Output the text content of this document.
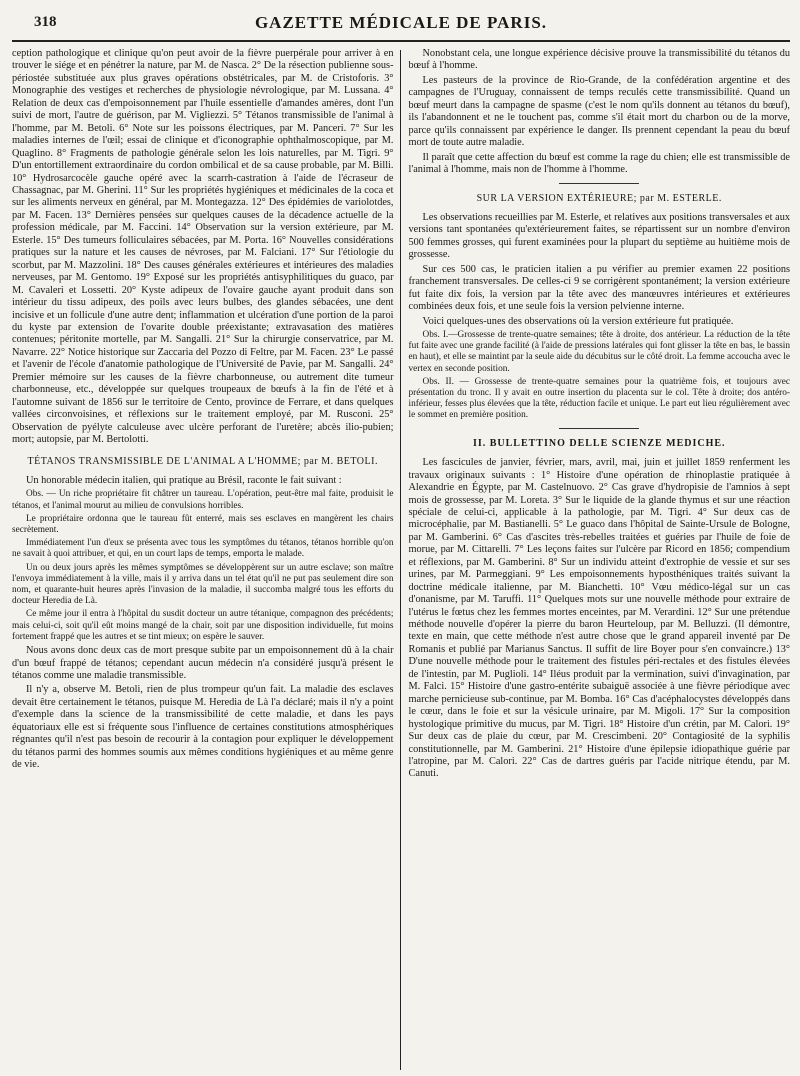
318	GAZETTE MÉDICALE DE PARIS.

ception pathologique et clinique qu'on peut avoir de la fièvre puerpérale pour arriver à en trouver le siége et en pénétrer la nature, par M. de Nasca. 2° De la résection publienne sous-périostée substituée aux plus graves opérations obstétricales, par M. de Cristoforis. 3° Monographie des vestiges et recherches de physiologie névrologique, par M. Lussana. 4° Relation de deux cas d'empoisonnement par l'huile essentielle d'amandes amères, dont l'un suivi de mort, l'autre de guérison, par M. Vigliezzi. 5° Tétanos transmissible de l'animal à l'homme, par M. Betoli. 6° Note sur les poissons électriques, par M. Panceri. 7° Sur les maladies internes de l'œil; essai de clinique et d'iconographie ophthalmoscopique, par M. Quaglino. 8° Fragments de pathologie générale selon les lois naturelles, par M. Tigri. 9° D'un entortillement extraordinaire du cordon ombilical et de sa cause probable, par M. Billi. 10° Hydrosarcocèle gauche opéré avec la scarrh-castration à l'aide de l'écraseur de Chassagnac, par M. Gherini. 11° Sur les propriétés hygiéniques et médicinales de la coca et sur les aliments nerveux en général, par M. Montegazza. 12° Des épidémies de variolotdes, par M. Facen. 13° Dernières pensées sur quelques causes de la décadence actuelle de la profession médicale, par M. Faccini. 14° Observation sur la version extérieure, par M. Esterle. 15° Des tumeurs folliculaires sébacées, par M. Porta. 16° Nouvelles considérations pratiques sur la nature et les causes de névroses, par M. Falciani. 17° Sur l'étiologie du scorbut, par M. Mazzolini. 18° Des causes générales extérieures et intérieures des maladies nerveuses, par M. Gentomo. 19° Exposé sur les propriétés antisyphilitiques du guaco, par M. Cavaleri et Lossetti. 20° Kyste adipeux de l'ovaire gauche ayant produit dans son intérieur du tissu adipeux, des poils avec leurs bulbes, des glandes sébacées, une dent incisive et un follicule d'une autre dent; inflammation et ulcération d'une portion de la paroi du kyste par extension de l'ovarite double préexistante; extravasation des matières contenues; péritonite mortelle, par M. Sangalli. 21° Sur la chirurgie conservatrice, par M. Navarre. 22° Notice historique sur Zaccaria del Pozzo di Feltre, par M. Facen. 23° Le passé et l'avenir de l'école d'anatomie pathologique de l'Université de Pavie, par M. Sangalli. 24° Premier mémoire sur les causes de la fièvre charbonneuse, ou autrement dite tumeur charbonneuse, etc., développée sur quelques troupeaux de bœufs à la fin de l'été et à l'automne suivant de 1856 sur le territoire de Cento, province de Ferrare, et dans quelques vallées circonvoisines, et réflexions sur le traitement employé, par M. Rusconi. 25° Observation de pyélyte calculeuse avec ulcère perforant de l'uretère; abcès ilio-pubien; mort; autopsie, par M. Bertolotti.

TÉTANOS TRANSMISSIBLE DE L'ANIMAL A L'HOMME; par M. BETOLI.

Un honorable médecin italien, qui pratique au Brésil, raconte le fait suivant :

Obs. — Un riche propriétaire fit châtrer un taureau. L'opération, peut-être mal faite, produisit le tétanos, et l'animal mourut au milieu de convulsions horribles.

Le propriétaire ordonna que le taureau fût enterré, mais ses esclaves en mangèrent les chairs secrètement.

Immédiatement l'un d'eux se présenta avec tous les symptômes du tétanos, tétanos horrible qu'on ne savait à quoi attribuer, et qui, en un court laps de temps, emporta le malade.

Un ou deux jours après les mêmes symptômes se développèrent sur un autre esclave; son maître l'envoya immédiatement à la ville, mais il y arriva dans un tel état qu'il ne put pas seulement dire son nom, et quarante-huit heures après l'invasion de la maladie, il succomba malgré tous les efforts du docteur Heredia de Là.

Ce même jour il entra à l'hôpital du susdit docteur un autre tétanique, compagnon des précédents; mais celui-ci, soit qu'il eût moins mangé de la chair, soit par une disposition individuelle, fut moins fortement frappé que les autres et se tint mieux; on espère le sauver.

Nous avons donc deux cas de mort presque subite par un empoisonnement dû à la chair d'un bœuf frappé de tétanos; cependant aucun médecin n'a considéré jusqu'à présent le tétanos comme une maladie transmissible.

Il n'y a, observe M. Betoli, rien de plus trompeur qu'un fait. La maladie des esclaves devait être certainement le tétanos, puisque M. Heredia de Là l'a déclaré; mais il n'y a point d'exemple dans la science de la transmissibilité de cette maladie, et dans les pays équatoriaux elle est si fréquente sous l'influence de certaines constitutions atmosphériques régnantes qu'il n'est pas besoin de recourir à la contagion pour expliquer le développement du tétanos parmi des hommes soumis aux mêmes conditions hygiéniques et au même genre de vie.

Nonobstant cela, une longue expérience décisive prouve la transmissibilité du tétanos du bœuf à l'homme.

Les pasteurs de la province de Rio-Grande, de la confédération argentine et des campagnes de l'Uruguay, connaissent de temps reculés cette transmissibilité. Quand un bœuf meurt dans la campagne de spasme (c'est le nom qu'ils donnent au tétanos du bœuf), ils l'abandonnent et ne le touchent pas, comme s'il était mort du charbon ou de la morve, parce qu'ils connaissent par expérience le danger. Ils prennent cependant la peau du bœuf mort de toute autre maladie.

Il paraît que cette affection du bœuf est comme la rage du chien; elle est transmissible de l'animal à l'homme, mais non de l'homme à l'homme.

SUR LA VERSION EXTÉRIEURE; par M. ESTERLE.

Les observations recueillies par M. Esterle, et relatives aux positions transversales et aux versions tant spontanées qu'extérieurement faites, se répartissent sur un nombre d'environ 500 femmes grosses, qui furent examinées pour la plupart du septième au huitième mois de grossesse.

Sur ces 500 cas, le praticien italien a pu vérifier au premier examen 22 positions franchement transversales. De celles-ci 9 se corrigèrent spontanément; la version extérieure fut faite dix fois, la version par la tête avec des manœuvres intérieures et extérieures combinées deux fois, et une seule fois la version pelvienne interne.

Voici quelques-unes des observations où la version extérieure fut pratiquée.

Obs. I.—Grossesse de trente-quatre semaines; tête à droite, dos antérieur. La réduction de la tête fut faite avec une grande facilité (à l'aide de pressions latérales qui font glisser la tête en bas, le bassin en haut), et elle se maintint par la seule aide du décubitus sur le côté droit. La femme accoucha avec le vertex en seconde position.

Obs. II. — Grossesse de trente-quatre semaines pour la quatrième fois, et toujours avec présentation du tronc. Il y avait en outre insertion du placenta sur le col. Tête à droite; dos antéro-inférieur, fesses plus élevées que la tête, réduction facile et unique. Le part eut lieu régulièrement avec le sommet en première position.

II. BULLETTINO DELLE SCIENZE MEDICHE.

Les fascicules de janvier, février, mars, avril, mai, juin et juillet 1859 renferment les travaux originaux suivants : 1° Histoire d'une opération de rhinoplastie pratiquée à Alexandrie en Égypte, par M. Castelnuovo. 2° Cas grave d'hydropisie de l'amnios à sept mois de grossesse, par M. Loreta. 3° Sur le liquide de la glande thymus et sur une réaction spéciale de celui-ci, applicable à la pathologie, par M. Tigri. 4° Sur deux cas de microcéphalie, par M. Bastianelli. 5° Le guaco dans l'hôpital de Sainte-Ursule de Bologne, par M. Gamberini. 6° Cas d'ascites très-rebelles traitées et guéries par l'huile de foie de morue, par M. Cittarelli. 7° Les leçons faites sur l'ulcère par Ricord en 1856; compendium et réflexions, par M. Gamberini. 8° Sur un individu atteint d'extrophie de vessie et sur ses urines, par M. Parmeggiani. 9° Les empoisonnements hyposthéniques traités suivant la doctrine médicale italienne, par M. Bianchetti. 10° Vœu médico-légal sur un cas d'onanisme, par M. Taruffi. 11° Quelques mots sur une nouvelle méthode pour extraire de l'utérus le fœtus chez les femmes mortes enceintes, par M. Verardini. 12° Sur une prétendue méthode nouvelle d'opérer la pierre du baron Heurteloup, par M. Belluzzi. (Il démontre, texte en main, que cette méthode n'est autre chose que le grand appareil inventé par De Romanis et publié par Marianus Sanctus. Il suffit de lire Boyer pour s'en convaincre.) 13° D'une nouvelle méthode pour le traitement des fistules péri-rectales et des fistules élevées de l'intestin, par M. Puglioli. 14° Iléus produit par la vermination, suivi d'invagination, par M. Falci. 15° Histoire d'une gastro-entérite subaiguë associée à une fièvre périodique avec marche pernicieuse sub-continue, par M. Bomba. 16° Cas d'acéphalocystes développés dans le cœur, dans le foie et sur la vésicule urinaire, par M. Migoli. 17° Sur la composition hystologique primitive du mucus, par M. Tigri. 18° Histoire d'un crétin, par M. Calori. 19° Sur deux cas de plaie du cœur, par M. Crescimbeni. 20° Contagiosité de la syphilis constitutionnelle, par M. Gamberini. 21° Histoire d'une épilepsie idiopathique guérie par l'atropine, par M. Calori. 22° Cas de dartres guéris par l'acide nitrique étendu, par M. Canuti.
